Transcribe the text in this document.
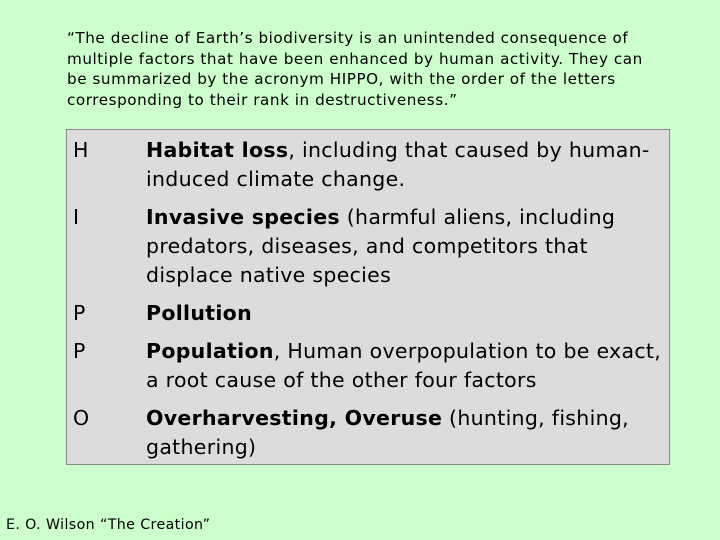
“The decline of Earth’s biodiversity is an unintended consequence of multiple factors that have been enhanced by human activity. They can be summarized by the acronym HIPPO, with the order of the letters corresponding to their rank in destructiveness.”

H	Habitat loss, including that caused by human-induced climate change.
I	Invasive species (harmful aliens, including predators, diseases, and competitors that displace native species
P	Pollution
P	Population, Human overpopulation to be exact, a root cause of the other four factors
O	Overharvesting, Overuse (hunting, fishing, gathering)
E. O. Wilson “The Creation”
